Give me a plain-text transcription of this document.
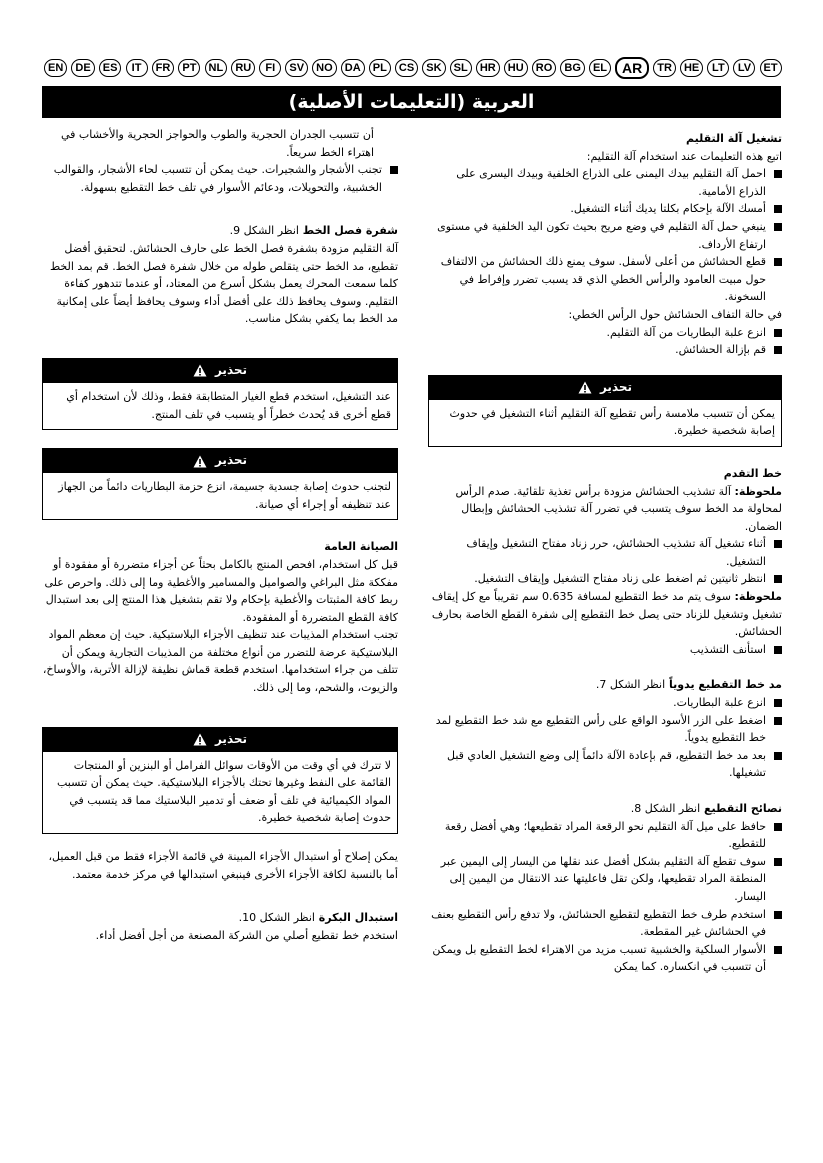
EN	DE	ES	IT	FR	PT	NL	RU	FI	SV	NO	DA	PL	CS	SK	SL	HR	HU	RO	BG	EL	AR	TR	HE	LT	LV	ET
العربية (التعليمات الأصلية)

تشغيل آلة التقليم

اتبع هذه التعليمات عند استخدام آلة التقليم:

احمل آلة التقليم بيدك اليمنى على الذراع الخلفية وبيدك اليسرى على الذراع الأمامية.
أمسك الآلة بإحكام بكلتا يديك أثناء التشغيل.
ينبغي حمل آلة التقليم في وضع مريح بحيث تكون اليد الخلفية في مستوى ارتفاع الأرداف.
قطع الحشائش من أعلى لأسفل. سوف يمنع ذلك الحشائش من الالتفاف حول مبيت العامود والرأس الخطي الذي قد يسبب تضرر وإفراط في السخونة.

في حالة التفاف الحشائش حول الرأس الخطي:

انزع علبة البطاريات من آلة التقليم.
قم بإزالة الحشائش.
تحذير
يمكن أن تتسبب ملامسة رأس تقطيع آلة التقليم أثناء التشغيل في حدوث إصابة شخصية خطيرة.

خط التقدم

ملحوظة: آلة تشذيب الحشائش مزودة برأس تغذية تلقائية. صدم الرأس لمحاولة مد الخط سوف يتسبب في تضرر آلة تشذيب الحشائش وإبطال الضمان.

أثناء تشغيل آلة تشذيب الحشائش، حرر زناد مفتاح التشغيل وإيقاف التشغيل.
انتظر ثانيتين ثم اضغط على زناد مفتاح التشغيل وإيقاف التشغيل.

ملحوظة: سوف يتم مد خط التقطيع لمسافة 0.635 سم تقريباً مع كل إيقاف تشغيل وتشغيل للزناد حتى يصل خط التقطيع إلى شفرة القطع الخاصة بحارف الحشائش.

استأنف التشذيب

مد خط التقطيع يدوياً انظر الشكل 7.

انزع علبة البطاريات.
اضغط على الزر الأسود الواقع على رأس التقطيع مع شد خط التقطيع لمد خط التقطيع يدوياً.
بعد مد خط التقطيع، قم بإعادة الآلة دائماً إلى وضع التشغيل العادي قبل تشغيلها.

نصائح التقطيع انظر الشكل 8.

حافظ على ميل آلة التقليم نحو الرقعة المراد تقطيعها؛ وهي أفضل رقعة للتقطيع.
سوف تقطع آلة التقليم بشكل أفضل عند نقلها من اليسار إلى اليمين عبر المنطقة المراد تقطيعها، ولكن تقل فاعليتها عند الانتقال من اليمين إلى اليسار.
استخدم طرف خط التقطيع لتقطيع الحشائش، ولا تدفع رأس التقطيع بعنف في الحشائش غير المقطعة.
الأسوار السلكية والخشبية تسبب مزيد من الاهتراء لخط التقطيع بل ويمكن أن تتسبب في انكساره. كما يمكن

أن تتسبب الجدران الحجرية والطوب والحواجز الحجرية والأخشاب في اهتراء الخط سريعاً.

تجنب الأشجار والشجيرات. حيث يمكن أن تتسبب لحاء الأشجار، والقوالب الخشبية، والتحويلات، ودعائم الأسوار في تلف خط التقطيع بسهولة.

شفرة فصل الخط انظر الشكل 9.

آلة التقليم مزودة بشفرة فصل الخط على حارف الحشائش. لتحقيق أفضل تقطيع، مد الخط حتى يتقلص طوله من خلال شفرة فصل الخط. قم بمد الخط كلما سمعت المحرك يعمل بشكل أسرع من المعتاد، أو عندما تتدهور كفاءة التقليم. وسوف يحافظ ذلك على أفضل أداء وسوف يحافظ أيضاً على إمكانية مد الخط بما يكفي بشكل مناسب.

تحذير
عند التشغيل، استخدم قطع الغيار المتطابقة فقط، وذلك لأن استخدام أي قطع أخرى قد يُحدث خطراً أو يتسبب في تلف المنتج.
تحذير
لتجنب حدوث إصابة جسدية جسيمة، انزع حزمة البطاريات دائماً من الجهاز عند تنظيفه أو إجراء أي صيانة.

الصيانة العامة

قبل كل استخدام، افحص المنتج بالكامل بحثاً عن أجزاء متضررة أو مفقودة أو مفككة مثل البراغي والصواميل والمسامير والأغطية وما إلى ذلك. واحرص على ربط كافة المثبتات والأغطية بإحكام ولا تقم بتشغيل هذا المنتج إلى بعد استبدال كافة القطع المتضررة أو المفقودة.

تجنب استخدام المذيبات عند تنظيف الأجزاء البلاستيكية. حيث إن معظم المواد البلاستيكية عرضة للتضرر من أنواع مختلفة من المذيبات التجارية ويمكن أن تتلف من جراء استخدامها. استخدم قطعة قماش نظيفة لإزالة الأتربة، والأوساخ، والزيوت، والشحم، وما إلى ذلك.

تحذير
لا تترك في أي وقت من الأوقات سوائل الفرامل أو البنزين أو المنتجات القائمة على النفط وغيرها تحتك بالأجزاء البلاستيكية. حيث يمكن أن تتسبب المواد الكيميائية في تلف أو ضعف أو تدمير البلاستيك مما قد يتسبب في حدوث إصابة شخصية خطيرة.

يمكن إصلاح أو استبدال الأجزاء المبينة في قائمة الأجزاء فقط من قبل العميل، أما بالنسبة لكافة الأجزاء الأخرى فينبغي استبدالها في مركز خدمة معتمد.

استبدال البكرة انظر الشكل 10.

استخدم خط تقطيع أصلي من الشركة المصنعة من أجل أفضل أداء.
